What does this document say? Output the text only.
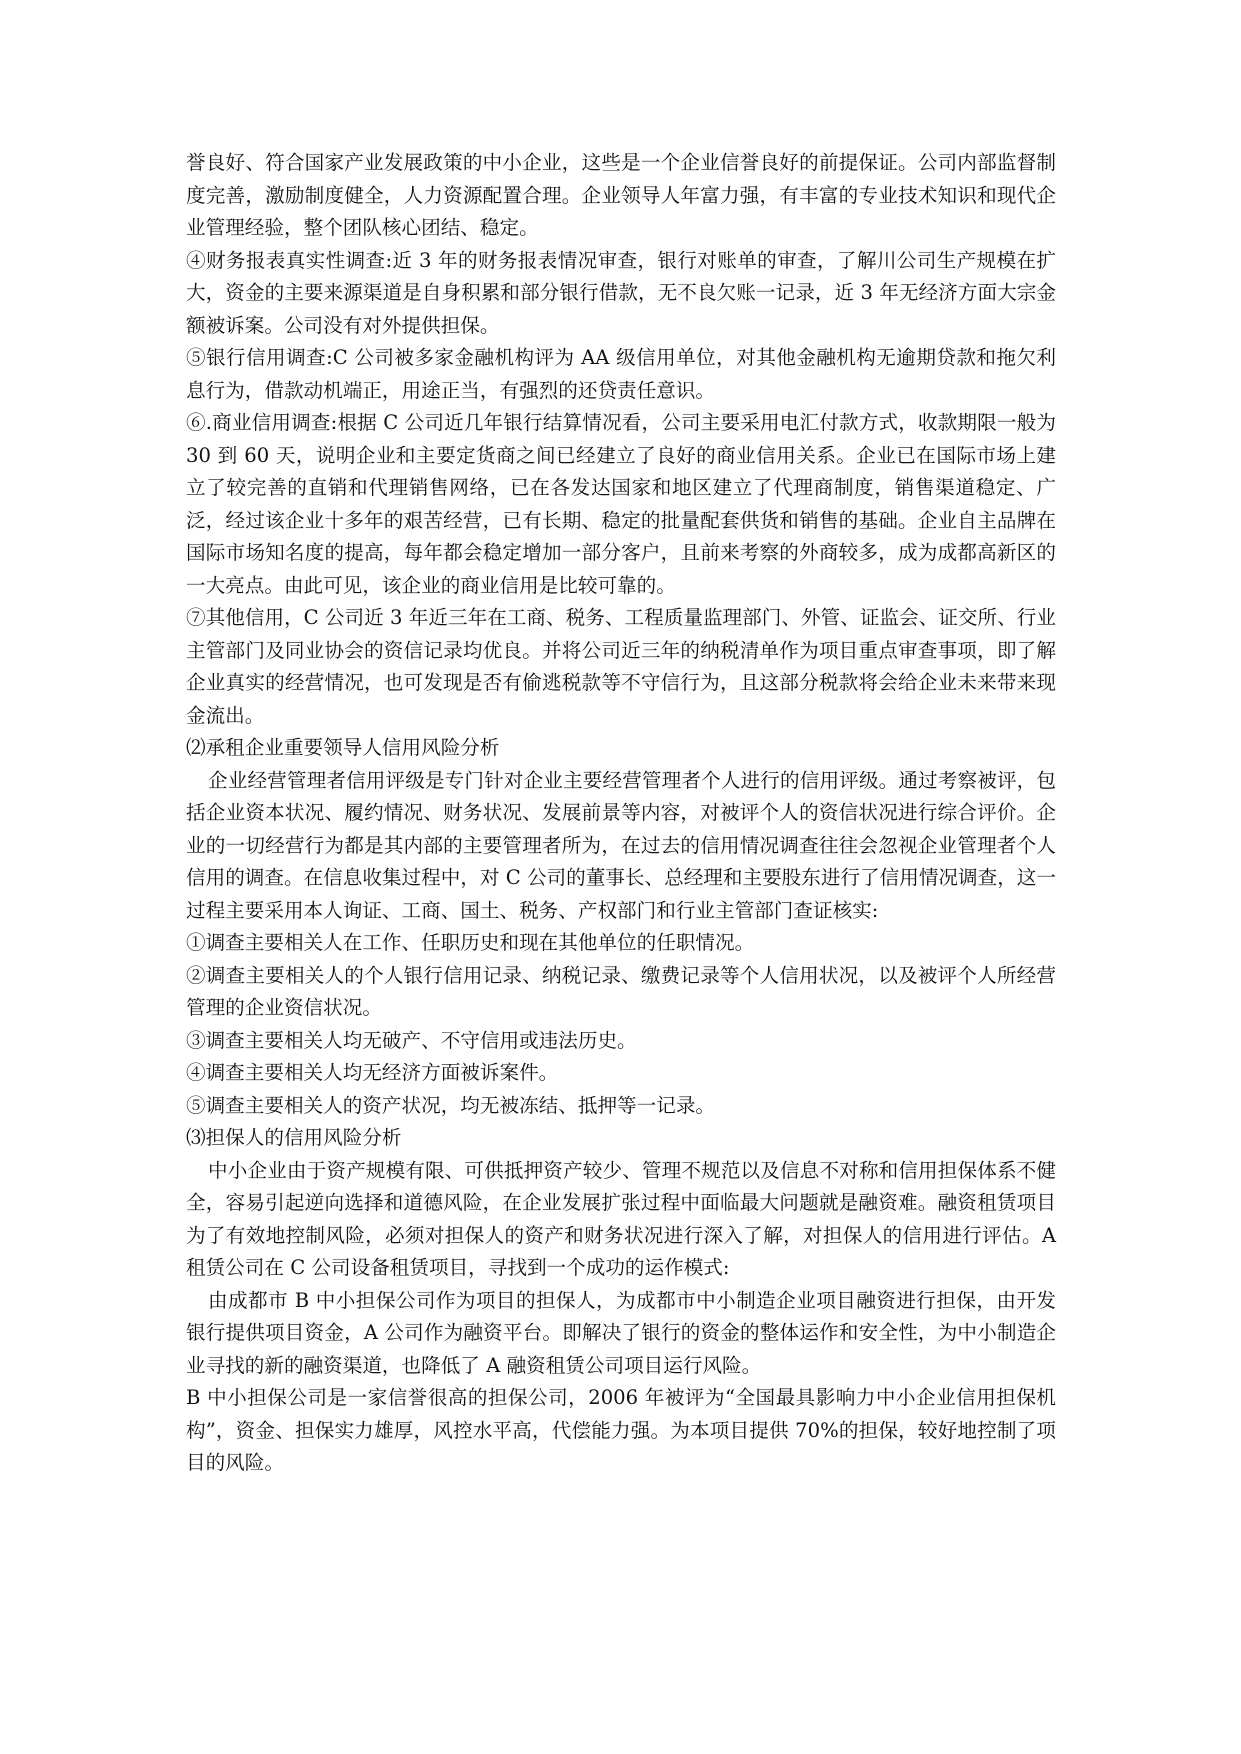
誉良好、符合国家产业发展政策的中小企业，这些是一个企业信誉良好的前提保证。公司内部监督制度完善，激励制度健全，人力资源配置合理。企业领导人年富力强，有丰富的专业技术知识和现代企业管理经验，整个团队核心团结、稳定。

④财务报表真实性调查:近 3 年的财务报表情况审查，银行对账单的审查，了解川公司生产规模在扩大，资金的主要来源渠道是自身积累和部分银行借款，无不良欠账一记录，近 3 年无经济方面大宗金额被诉案。公司没有对外提供担保。

⑤银行信用调查:C 公司被多家金融机构评为 AA 级信用单位，对其他金融机构无逾期贷款和拖欠利息行为，借款动机端正，用途正当，有强烈的还贷责任意识。

⑥.商业信用调查:根据 C 公司近几年银行结算情况看，公司主要采用电汇付款方式，收款期限一般为 30 到 60 天，说明企业和主要定货商之间已经建立了良好的商业信用关系。企业已在国际市场上建立了较完善的直销和代理销售网络，已在各发达国家和地区建立了代理商制度，销售渠道稳定、广泛，经过该企业十多年的艰苦经营，已有长期、稳定的批量配套供货和销售的基础。企业自主品牌在国际市场知名度的提高，每年都会稳定增加一部分客户，且前来考察的外商较多，成为成都高新区的一大亮点。由此可见，该企业的商业信用是比较可靠的。

⑦其他信用，C 公司近 3 年近三年在工商、税务、工程质量监理部门、外管、证监会、证交所、行业主管部门及同业协会的资信记录均优良。并将公司近三年的纳税清单作为项目重点审查事项，即了解企业真实的经营情况，也可发现是否有偷逃税款等不守信行为，且这部分税款将会给企业未来带来现金流出。

⑵承租企业重要领导人信用风险分析

企业经营管理者信用评级是专门针对企业主要经营管理者个人进行的信用评级。通过考察被评，包括企业资本状况、履约情况、财务状况、发展前景等内容，对被评个人的资信状况进行综合评价。企业的一切经营行为都是其内部的主要管理者所为，在过去的信用情况调查往往会忽视企业管理者个人信用的调查。在信息收集过程中，对 C 公司的董事长、总经理和主要股东进行了信用情况调查，这一过程主要采用本人询证、工商、国土、税务、产权部门和行业主管部门查证核实:

①调查主要相关人在工作、任职历史和现在其他单位的任职情况。

②调查主要相关人的个人银行信用记录、纳税记录、缴费记录等个人信用状况，以及被评个人所经营管理的企业资信状况。

③调查主要相关人均无破产、不守信用或违法历史。

④调查主要相关人均无经济方面被诉案件。

⑤调查主要相关人的资产状况，均无被冻结、抵押等一记录。

⑶担保人的信用风险分析

中小企业由于资产规模有限、可供抵押资产较少、管理不规范以及信息不对称和信用担保体系不健全，容易引起逆向选择和道德风险，在企业发展扩张过程中面临最大问题就是融资难。融资租赁项目为了有效地控制风险，必须对担保人的资产和财务状况进行深入了解，对担保人的信用进行评估。A 租赁公司在 C 公司设备租赁项目，寻找到一个成功的运作模式:

由成都市 B 中小担保公司作为项目的担保人，为成都市中小制造企业项目融资进行担保，由开发银行提供项目资金，A 公司作为融资平台。即解决了银行的资金的整体运作和安全性，为中小制造企业寻找的新的融资渠道，也降低了 A 融资租赁公司项目运行风险。

B 中小担保公司是一家信誉很高的担保公司，2006 年被评为“全国最具影响力中小企业信用担保机构”，资金、担保实力雄厚，风控水平高，代偿能力强。为本项目提供 70%的担保，较好地控制了项目的风险。
